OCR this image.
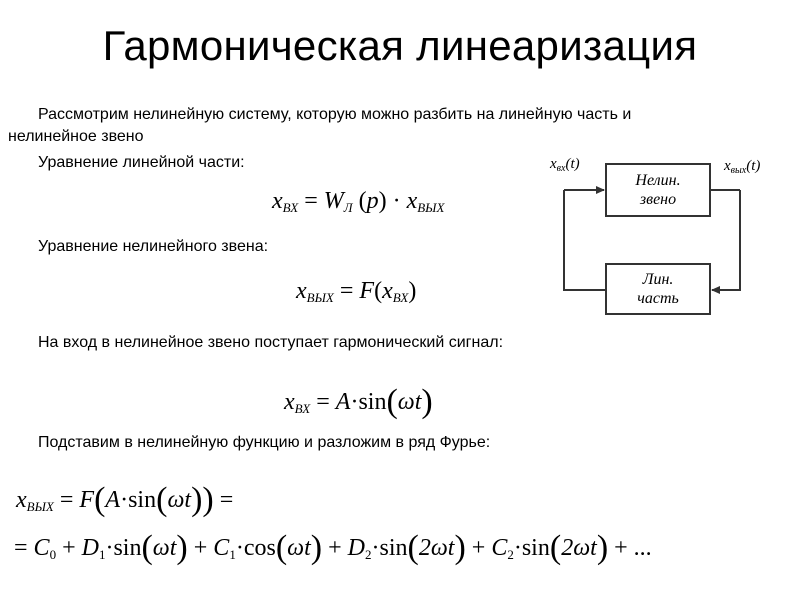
Гармоническая линеаризация
Рассмотрим нелинейную систему, которую можно разбить на линейную часть и
нелинейное звено
Уравнение линейной части:
xВХ = WЛ (p) · xВЫХ
Уравнение нелинейного звена:
xВЫХ = F(xВХ)
На вход в нелинейное звено поступает гармонический сигнал:
xВХ = A·sin(ωt)
Подставим в нелинейную функцию и разложим в ряд Фурье:
xВЫХ = F(A·sin(ωt)) =
= C0 + D1·sin(ωt) + C1·cos(ωt) + D2·sin(2ωt) + C2·sin(2ωt) + ...
$x_{вх}(t)$	$x_{вых}(t)$
Нелин.
звено
Лин.
часть
